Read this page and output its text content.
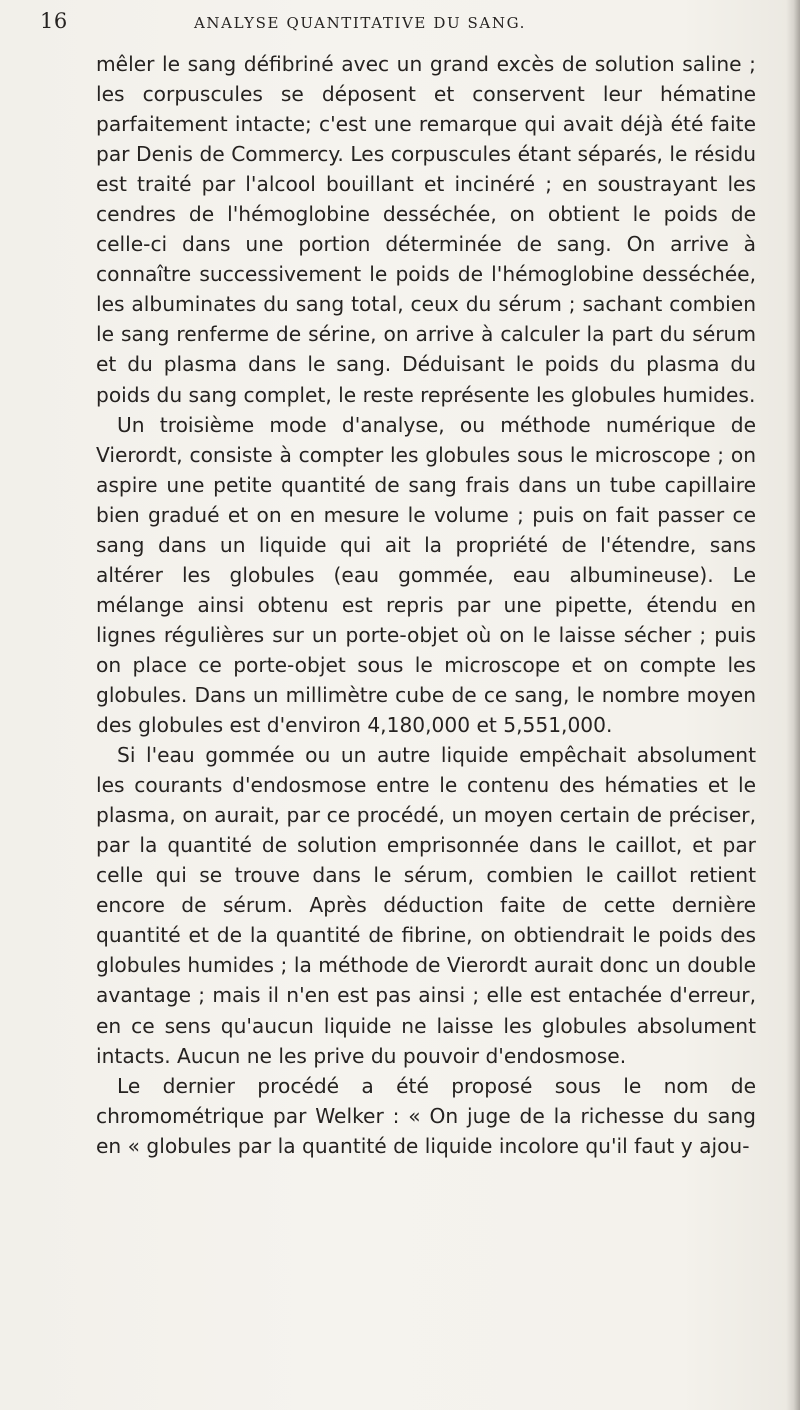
16	ANALYSE QUANTITATIVE DU SANG.

mêler le sang défibriné avec un grand excès de solution saline ; les corpuscules se déposent et conservent leur hématine parfaitement intacte; c'est une remarque qui avait déjà été faite par Denis de Commercy. Les corpuscules étant séparés, le résidu est traité par l'alcool bouillant et incinéré ; en soustrayant les cendres de l'hémoglobine desséchée, on obtient le poids de celle-ci dans une portion déterminée de sang. On arrive à connaître successivement le poids de l'hémoglobine desséchée, les albuminates du sang total, ceux du sérum ; sachant combien le sang renferme de sérine, on arrive à calculer la part du sérum et du plasma dans le sang. Déduisant le poids du plasma du poids du sang complet, le reste représente les globules humides.

Un troisième mode d'analyse, ou méthode numérique de Vierordt, consiste à compter les globules sous le microscope ; on aspire une petite quantité de sang frais dans un tube capillaire bien gradué et on en mesure le volume ; puis on fait passer ce sang dans un liquide qui ait la propriété de l'étendre, sans altérer les globules (eau gommée, eau albumineuse). Le mélange ainsi obtenu est repris par une pipette, étendu en lignes régulières sur un porte-objet où on le laisse sécher ; puis on place ce porte-objet sous le microscope et on compte les globules. Dans un millimètre cube de ce sang, le nombre moyen des globules est d'environ 4,180,000 et 5,551,000.

Si l'eau gommée ou un autre liquide empêchait absolument les courants d'endosmose entre le contenu des hématies et le plasma, on aurait, par ce procédé, un moyen certain de préciser, par la quantité de solution emprisonnée dans le caillot, et par celle qui se trouve dans le sérum, combien le caillot retient encore de sérum. Après déduction faite de cette dernière quantité et de la quantité de fibrine, on obtiendrait le poids des globules humides ; la méthode de Vierordt aurait donc un double avantage ; mais il n'en est pas ainsi ; elle est entachée d'erreur, en ce sens qu'aucun liquide ne laisse les globules absolument intacts. Aucun ne les prive du pouvoir d'endosmose.

Le dernier procédé a été proposé sous le nom de chromométrique par Welker : « On juge de la richesse du sang en « globules par la quantité de liquide incolore qu'il faut y ajou-
